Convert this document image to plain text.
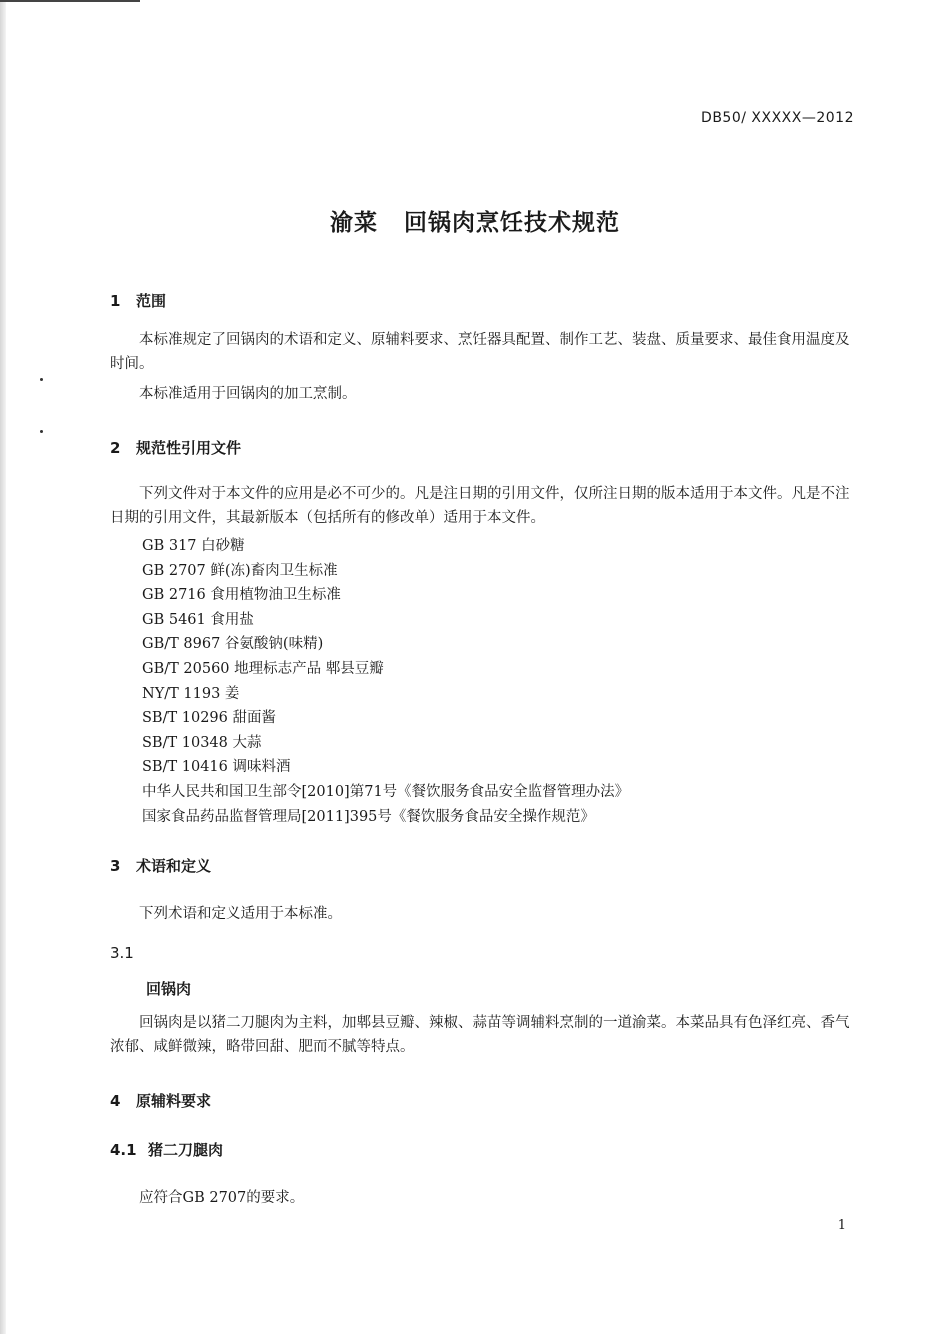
DB50/ XXXXX—2012
渝菜 回锅肉烹饪技术规范
1 范围

本标准规定了回锅肉的术语和定义、原辅料要求、烹饪器具配置、制作工艺、装盘、质量要求、最佳食用温度及时间。

本标准适用于回锅肉的加工烹制。

2 规范性引用文件

下列文件对于本文件的应用是必不可少的。凡是注日期的引用文件，仅所注日期的版本适用于本文件。凡是不注日期的引用文件，其最新版本（包括所有的修改单）适用于本文件。

GB 317 白砂糖
GB 2707 鲜(冻)畜肉卫生标准
GB 2716 食用植物油卫生标准
GB 5461 食用盐
GB/T 8967 谷氨酸钠(味精)
GB/T 20560 地理标志产品 郫县豆瓣
NY/T 1193 姜
SB/T 10296 甜面酱
SB/T 10348 大蒜
SB/T 10416 调味料酒
中华人民共和国卫生部令[2010]第71号《餐饮服务食品安全监督管理办法》
国家食品药品监督管理局[2011]395号《餐饮服务食品安全操作规范》
3 术语和定义

下列术语和定义适用于本标准。

3.1
回锅肉

回锅肉是以猪二刀腿肉为主料，加郫县豆瓣、辣椒、蒜苗等调辅料烹制的一道渝菜。本菜品具有色泽红亮、香气浓郁、咸鲜微辣，略带回甜、肥而不腻等特点。

4 原辅料要求
4.1 猪二刀腿肉

应符合GB 2707的要求。

1
